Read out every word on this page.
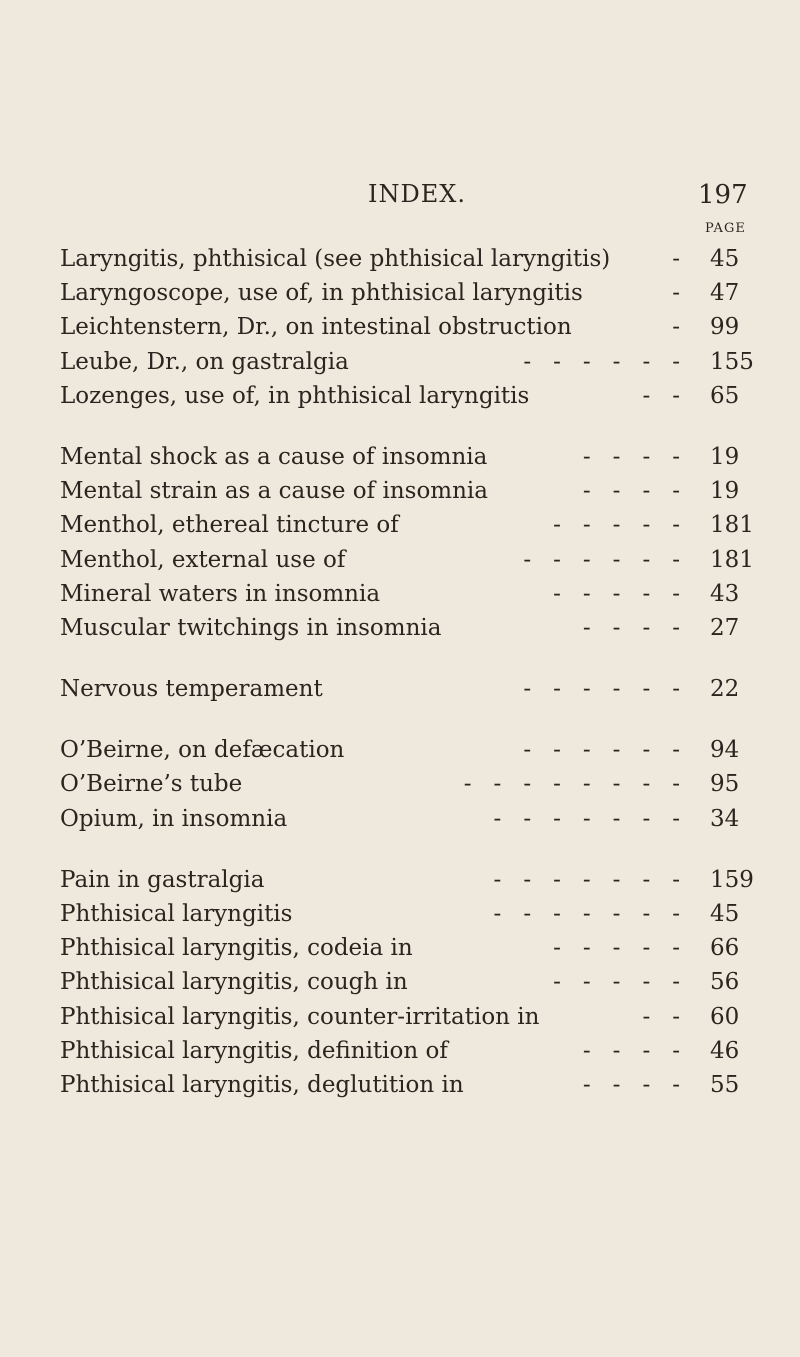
INDEX.	197
PAGE
Laryngitis, phthisical (see phthisical laryngitis)	-	45
Laryngoscope, use of, in phthisical laryngitis	-	47
Leichtenstern, Dr., on intestinal obstruction	-	99
Leube, Dr., on gastralgia	- - - - - -	155
Lozenges, use of, in phthisical laryngitis	- -	65
Mental shock as a cause of insomnia	- - - -	19
Mental strain as a cause of insomnia	- - - -	19
Menthol, ethereal tincture of	- - - - -	181
Menthol, external use of	- - - - - -	181
Mineral waters in insomnia	- - - - -	43
Muscular twitchings in insomnia	- - - -	27
Nervous temperament	- - - - - -	22
O’Beirne, on defæcation	- - - - - -	94
O’Beirne’s tube	- - - - - - - -	95
Opium, in insomnia	- - - - - - -	34
Pain in gastralgia	- - - - - - -	159
Phthisical laryngitis	- - - - - - -	45
Phthisical laryngitis, codeia in	- - - - -	66
Phthisical laryngitis, cough in	- - - - -	56
Phthisical laryngitis, counter-irritation in	- -	60
Phthisical laryngitis, definition of	- - - -	46
Phthisical laryngitis, deglutition in	- - - -	55
